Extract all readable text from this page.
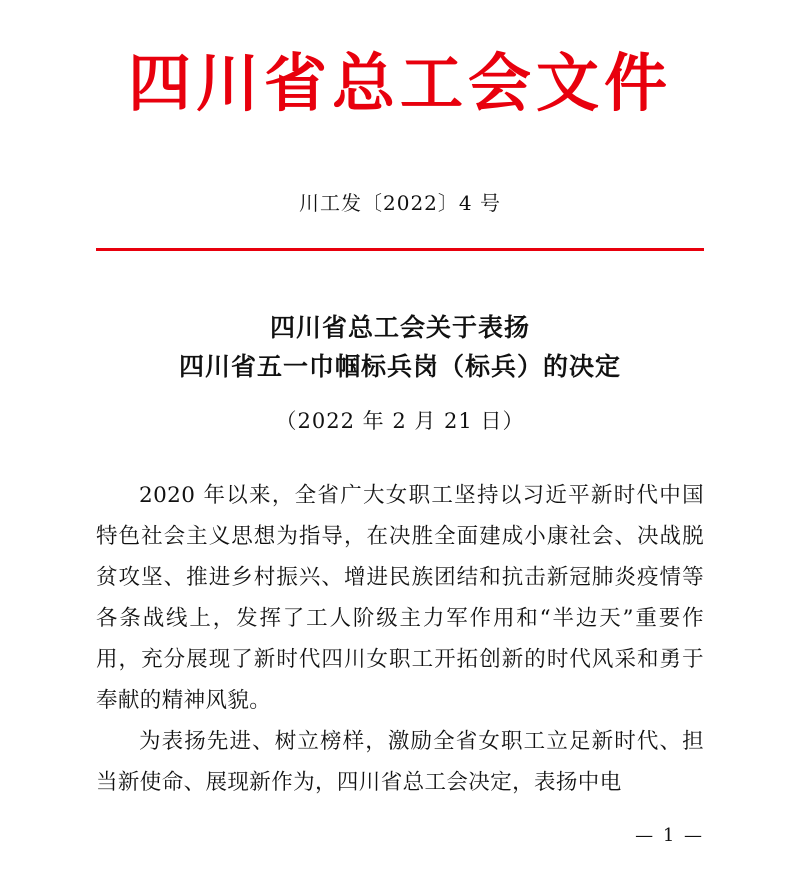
四川省总工会文件
川工发〔2022〕4 号
四川省总工会关于表扬
四川省五一巾帼标兵岗（标兵）的决定
（2022 年 2 月 21 日）

2020 年以来，全省广大女职工坚持以习近平新时代中国特色社会主义思想为指导，在决胜全面建成小康社会、决战脱贫攻坚、推进乡村振兴、增进民族团结和抗击新冠肺炎疫情等各条战线上，发挥了工人阶级主力军作用和“半边天”重要作用，充分展现了新时代四川女职工开拓创新的时代风采和勇于奉献的精神风貌。

为表扬先进、树立榜样，激励全省女职工立足新时代、担当新使命、展现新作为，四川省总工会决定，表扬中电

— 1 —
